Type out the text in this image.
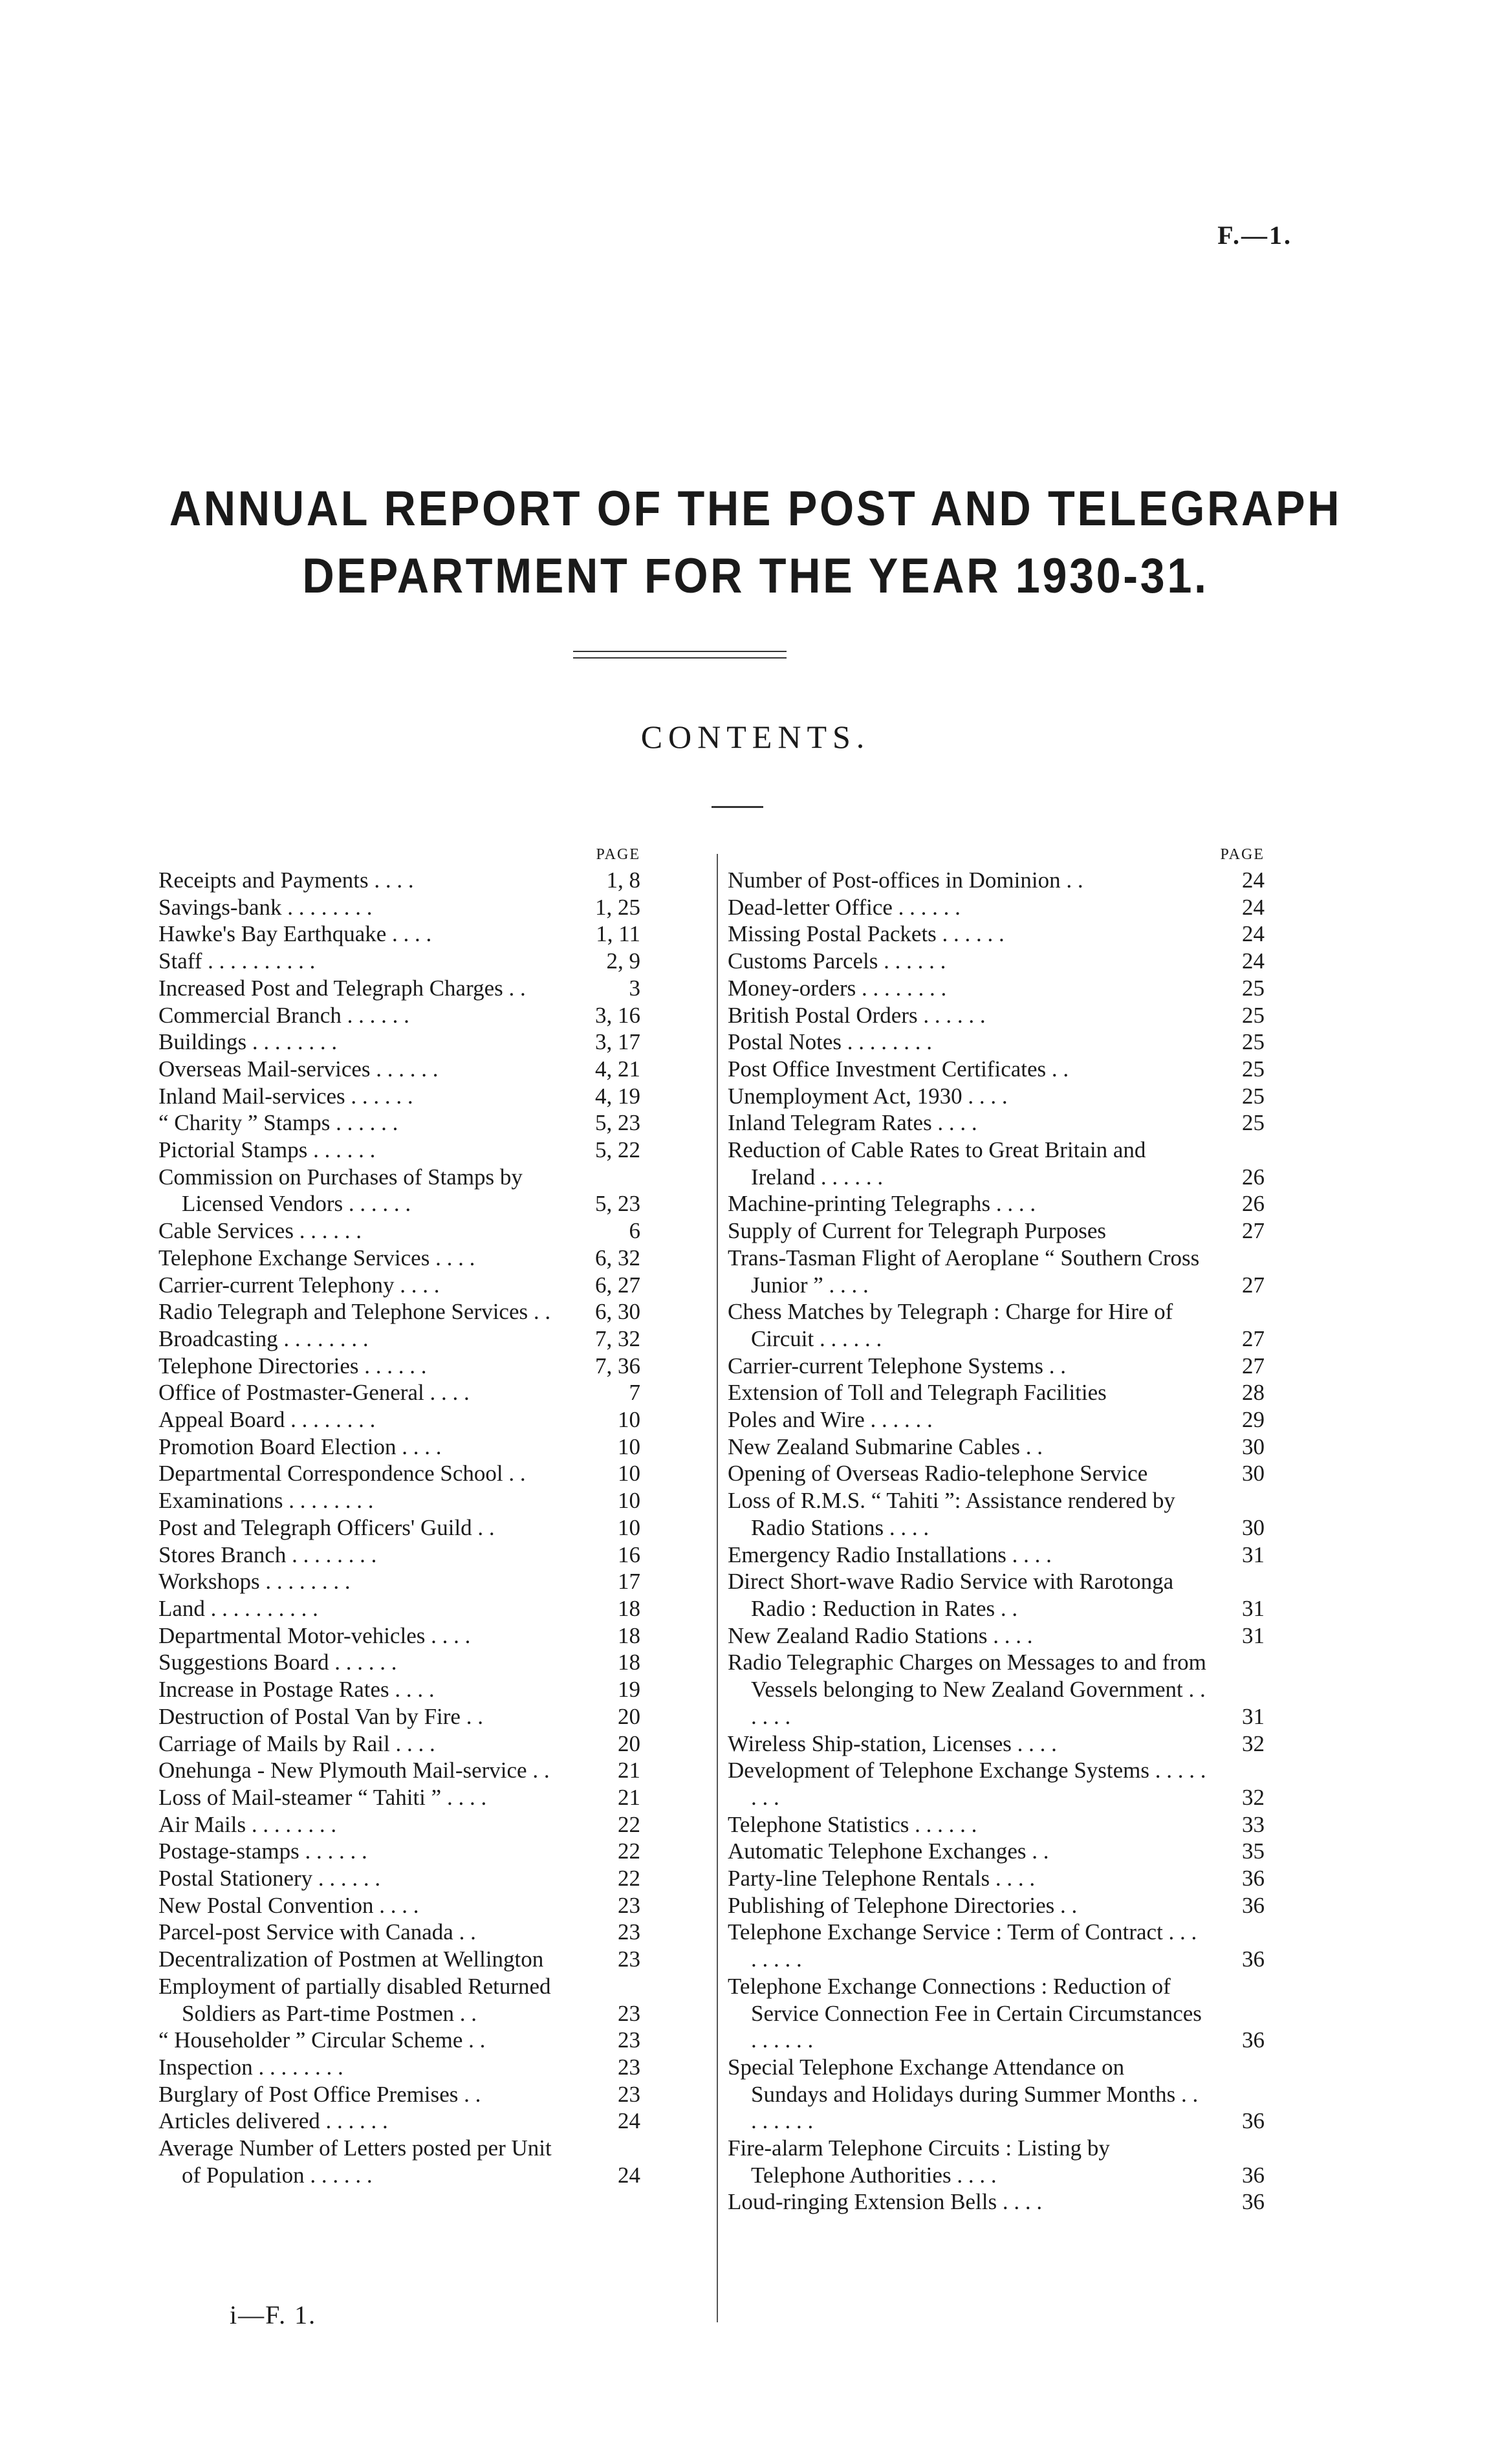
F.—1.
ANNUAL REPORT OF THE POST AND TELEGRAPH
DEPARTMENT FOR THE YEAR 1930-31.
CONTENTS.
PAGE
Receipts and Payments . . . .	1, 8
Savings-bank . . . . . . . .	1, 25
Hawke's Bay Earthquake . . . .	1, 11
Staff . . . . . . . . . .	2, 9
Increased Post and Telegraph Charges . .	3
Commercial Branch . . . . . .	3, 16
Buildings . . . . . . . .	3, 17
Overseas Mail-services . . . . . .	4, 21
Inland Mail-services . . . . . .	4, 19
“ Charity ” Stamps . . . . . .	5, 23
Pictorial Stamps . . . . . .	5, 22
Commission on Purchases of Stamps by Licensed Vendors . . . . . .	5, 23
Cable Services . . . . . .	6
Telephone Exchange Services . . . .	6, 32
Carrier-current Telephony . . . .	6, 27
Radio Telegraph and Telephone Services . .	6, 30
Broadcasting . . . . . . . .	7, 32
Telephone Directories . . . . . .	7, 36
Office of Postmaster-General . . . .	7
Appeal Board . . . . . . . .	10
Promotion Board Election . . . .	10
Departmental Correspondence School . .	10
Examinations . . . . . . . .	10
Post and Telegraph Officers' Guild . .	10
Stores Branch . . . . . . . .	16
Workshops . . . . . . . .	17
Land . . . . . . . . . .	18
Departmental Motor-vehicles . . . .	18
Suggestions Board . . . . . .	18
Increase in Postage Rates . . . .	19
Destruction of Postal Van by Fire . .	20
Carriage of Mails by Rail . . . .	20
Onehunga - New Plymouth Mail-service . .	21
Loss of Mail-steamer “ Tahiti ” . . . .	21
Air Mails . . . . . . . .	22
Postage-stamps . . . . . .	22
Postal Stationery . . . . . .	22
New Postal Convention . . . .	23
Parcel-post Service with Canada . .	23
Decentralization of Postmen at Wellington	23
Employment of partially disabled Returned Soldiers as Part-time Postmen . .	23
“ Householder ” Circular Scheme . .	23
Inspection . . . . . . . .	23
Burglary of Post Office Premises . .	23
Articles delivered . . . . . .	24
Average Number of Letters posted per Unit of Population . . . . . .	24
PAGE
Number of Post-offices in Dominion . .	24
Dead-letter Office . . . . . .	24
Missing Postal Packets . . . . . .	24
Customs Parcels . . . . . .	24
Money-orders . . . . . . . .	25
British Postal Orders . . . . . .	25
Postal Notes . . . . . . . .	25
Post Office Investment Certificates . .	25
Unemployment Act, 1930 . . . .	25
Inland Telegram Rates . . . .	25
Reduction of Cable Rates to Great Britain and Ireland . . . . . .	26
Machine-printing Telegraphs . . . .	26
Supply of Current for Telegraph Purposes	27
Trans-Tasman Flight of Aeroplane “ Southern Cross Junior ” . . . .	27
Chess Matches by Telegraph : Charge for Hire of Circuit . . . . . .	27
Carrier-current Telephone Systems . .	27
Extension of Toll and Telegraph Facilities	28
Poles and Wire . . . . . .	29
New Zealand Submarine Cables . .	30
Opening of Overseas Radio-telephone Service	30
Loss of R.M.S. “ Tahiti ”: Assistance rendered by Radio Stations . . . .	30
Emergency Radio Installations . . . .	31
Direct Short-wave Radio Service with Rarotonga Radio : Reduction in Rates . .	31
New Zealand Radio Stations . . . .	31
Radio Telegraphic Charges on Messages to and from Vessels belonging to New Zealand Government . . . . . .	31
Wireless Ship-station, Licenses . . . .	32
Development of Telephone Exchange Systems . . . . . . . .	32
Telephone Statistics . . . . . .	33
Automatic Telephone Exchanges . .	35
Party-line Telephone Rentals . . . .	36
Publishing of Telephone Directories . .	36
Telephone Exchange Service : Term of Contract . . . . . . . .	36
Telephone Exchange Connections : Reduction of Service Connection Fee in Certain Circumstances . . . . . .	36
Special Telephone Exchange Attendance on Sundays and Holidays during Summer Months . . . . . . . .	36
Fire-alarm Telephone Circuits : Listing by Telephone Authorities . . . .	36
Loud-ringing Extension Bells . . . .	36
i—F. 1.
